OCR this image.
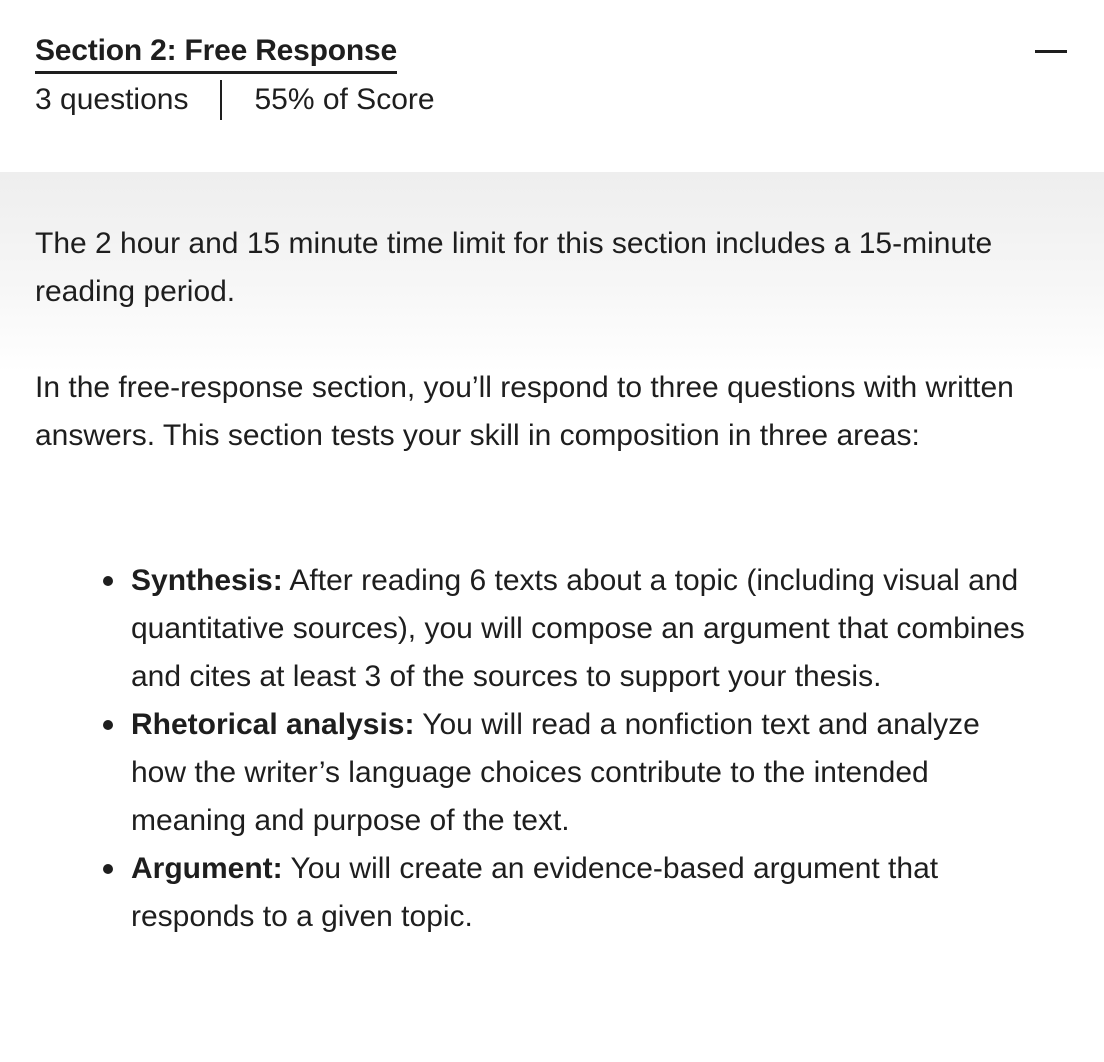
Section 2: Free Response
3 questions 55% of Score

The 2 hour and 15 minute time limit for this section includes a 15-minute reading period.

In the free-response section, you’ll respond to three questions with written answers. This section tests your skill in composition in three areas:

Synthesis: After reading 6 texts about a topic (including visual and quantitative sources), you will compose an argument that combines and cites at least 3 of the sources to support your thesis.
Rhetorical analysis: You will read a nonfiction text and analyze how the writer’s language choices contribute to the intended meaning and purpose of the text.
Argument: You will create an evidence-based argument that responds to a given topic.
